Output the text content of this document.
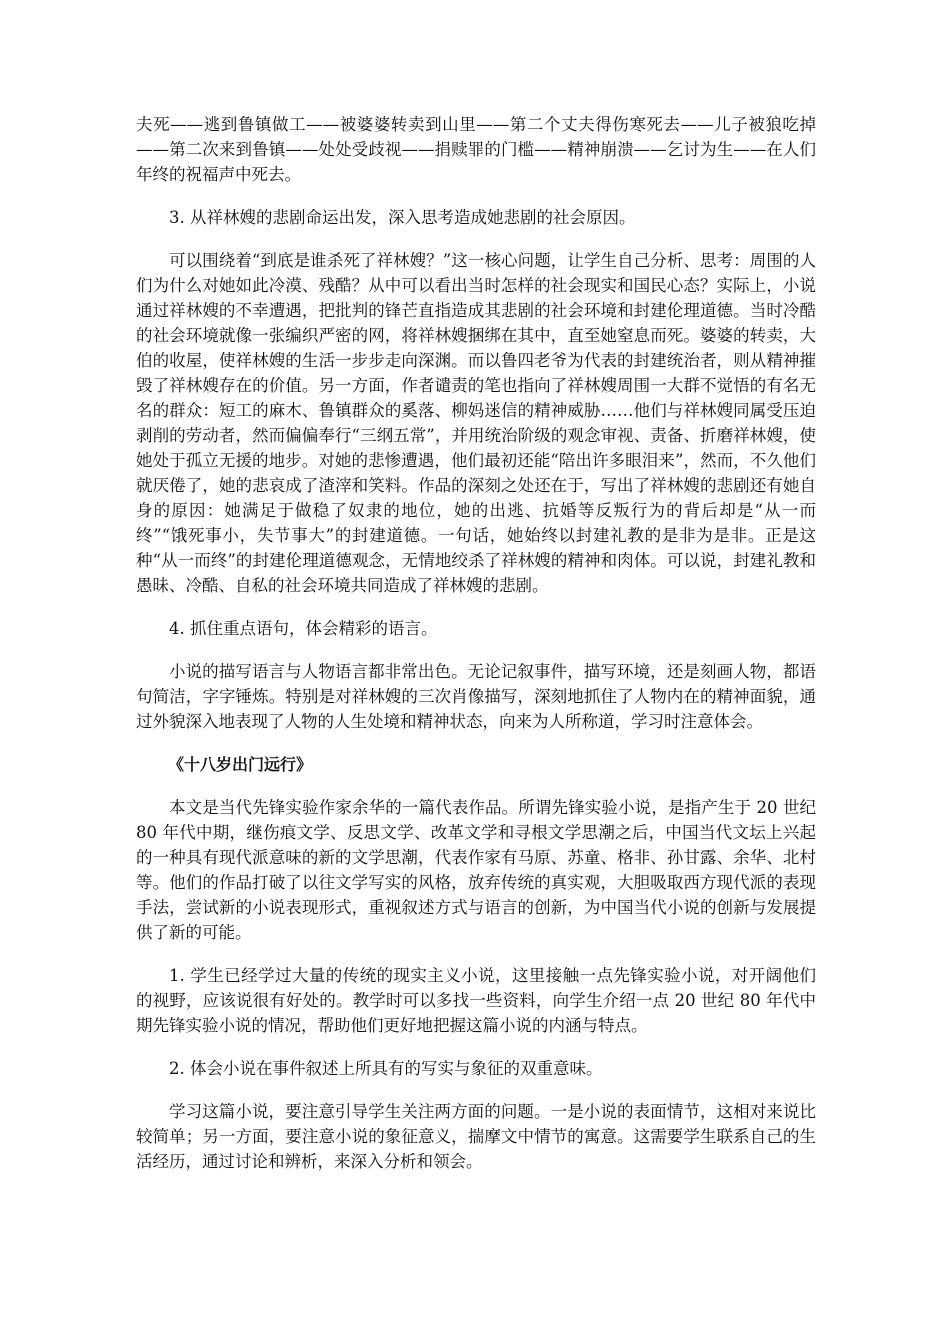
夫死——逃到鲁镇做工——被婆婆转卖到山里——第二个丈夫得伤寒死去——儿子被狼吃掉——第二次来到鲁镇——处处受歧视——捐赎罪的门槛——精神崩溃——乞讨为生——在人们年终的祝福声中死去。

3. 从祥林嫂的悲剧命运出发，深入思考造成她悲剧的社会原因。

可以围绕着“到底是谁杀死了祥林嫂？”这一核心问题，让学生自己分析、思考：周围的人们为什么对她如此冷漠、残酷？从中可以看出当时怎样的社会现实和国民心态？实际上，小说通过祥林嫂的不幸遭遇，把批判的锋芒直指造成其悲剧的社会环境和封建伦理道德。当时冷酷的社会环境就像一张编织严密的网，将祥林嫂捆绑在其中，直至她窒息而死。婆婆的转卖，大伯的收屋，使祥林嫂的生活一步步走向深渊。而以鲁四老爷为代表的封建统治者，则从精神摧毁了祥林嫂存在的价值。另一方面，作者谴责的笔也指向了祥林嫂周围一大群不觉悟的有名无名的群众：短工的麻木、鲁镇群众的奚落、柳妈迷信的精神威胁……他们与祥林嫂同属受压迫剥削的劳动者，然而偏偏奉行“三纲五常”，并用统治阶级的观念审视、责备、折磨祥林嫂，使她处于孤立无援的地步。对她的悲惨遭遇，他们最初还能“陪出许多眼泪来”，然而，不久他们就厌倦了，她的悲哀成了渣滓和笑料。作品的深刻之处还在于，写出了祥林嫂的悲剧还有她自身的原因：她满足于做稳了奴隶的地位，她的出逃、抗婚等反叛行为的背后却是“从一而终”“饿死事小，失节事大”的封建道德。一句话，她始终以封建礼教的是非为是非。正是这种“从一而终”的封建伦理道德观念，无情地绞杀了祥林嫂的精神和肉体。可以说，封建礼教和愚昧、冷酷、自私的社会环境共同造成了祥林嫂的悲剧。

4. 抓住重点语句，体会精彩的语言。

小说的描写语言与人物语言都非常出色。无论记叙事件，描写环境，还是刻画人物，都语句简洁，字字锤炼。特别是对祥林嫂的三次肖像描写，深刻地抓住了人物内在的精神面貌，通过外貌深入地表现了人物的人生处境和精神状态，向来为人所称道，学习时注意体会。

《十八岁出门远行》

本文是当代先锋实验作家余华的一篇代表作品。所谓先锋实验小说，是指产生于 20 世纪 80 年代中期，继伤痕文学、反思文学、改革文学和寻根文学思潮之后，中国当代文坛上兴起的一种具有现代派意味的新的文学思潮，代表作家有马原、苏童、格非、孙甘露、余华、北村等。他们的作品打破了以往文学写实的风格，放弃传统的真实观，大胆吸取西方现代派的表现手法，尝试新的小说表现形式，重视叙述方式与语言的创新，为中国当代小说的创新与发展提供了新的可能。

1. 学生已经学过大量的传统的现实主义小说，这里接触一点先锋实验小说，对开阔他们的视野，应该说很有好处的。教学时可以多找一些资料，向学生介绍一点 20 世纪 80 年代中期先锋实验小说的情况，帮助他们更好地把握这篇小说的内涵与特点。

2. 体会小说在事件叙述上所具有的写实与象征的双重意味。

学习这篇小说，要注意引导学生关注两方面的问题。一是小说的表面情节，这相对来说比较简单；另一方面，要注意小说的象征意义，揣摩文中情节的寓意。这需要学生联系自己的生活经历，通过讨论和辨析，来深入分析和领会。
